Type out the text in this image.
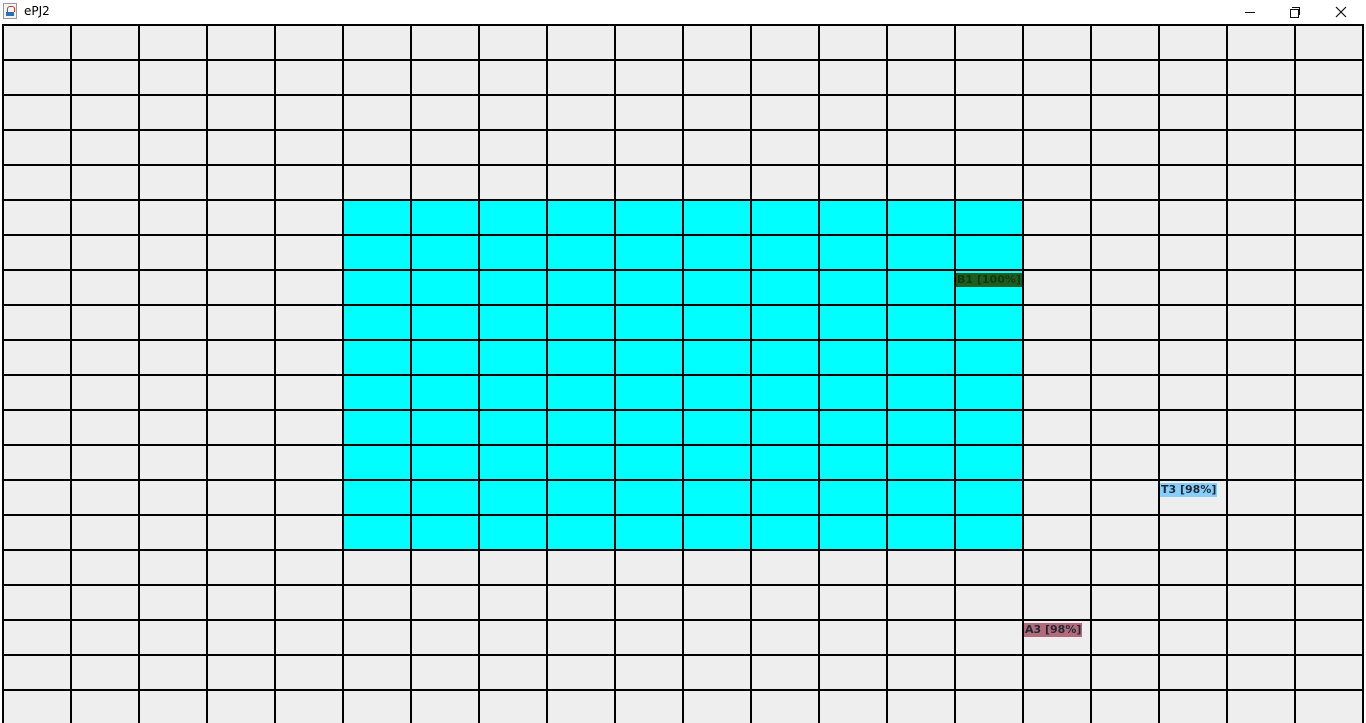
ePJ2
B1 [100%]
T3 [98%]
A3 [98%]
